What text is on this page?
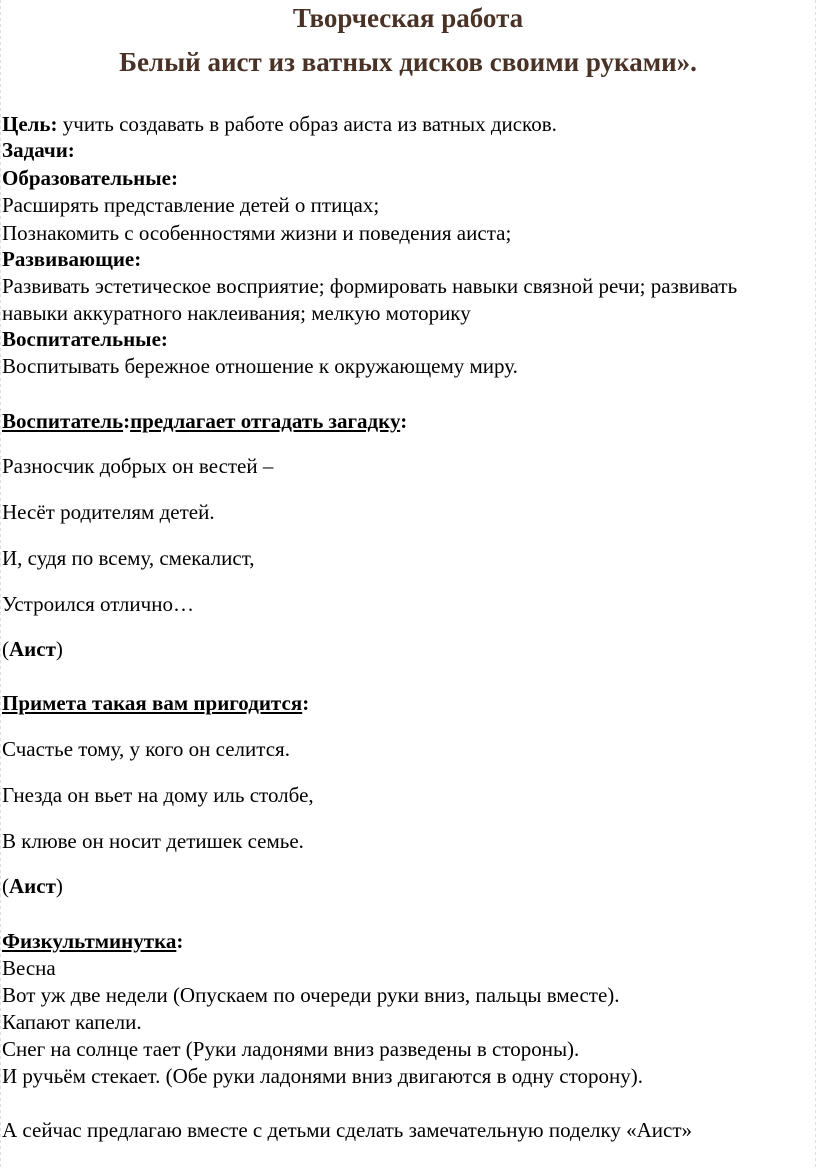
Творческая работа
Белый аист из ватных дисков своими руками».
Цель: учить создавать в работе образ аиста из ватных дисков.
Задачи:
Образовательные:
Расширять представление детей о птицах;
Познакомить с особенностями жизни и поведения аиста;
Развивающие:
Развивать эстетическое восприятие; формировать навыки связной речи; развивать
навыки аккуратного наклеивания; мелкую моторику
Воспитательные:
Воспитывать бережное отношение к окружающему миру.
Воспитатель:предлагает отгадать загадку:
Разносчик добрых он вестей –
Несёт родителям детей.
И, судя по всему, смекалист,
Устроился отлично…
(Аист)
Примета такая вам пригодится:
Счастье тому, у кого он селится.
Гнезда он вьет на дому иль столбе,
В клюве он носит детишек семье.
(Аист)
Физкультминутка:
Весна
Вот уж две недели (Опускаем по очереди руки вниз, пальцы вместе).
Капают капели.
Снег на солнце тает (Руки ладонями вниз разведены в стороны).
И ручьём стекает. (Обе руки ладонями вниз двигаются в одну сторону).
А сейчас предлагаю вместе с детьми сделать замечательную поделку «Аист»
